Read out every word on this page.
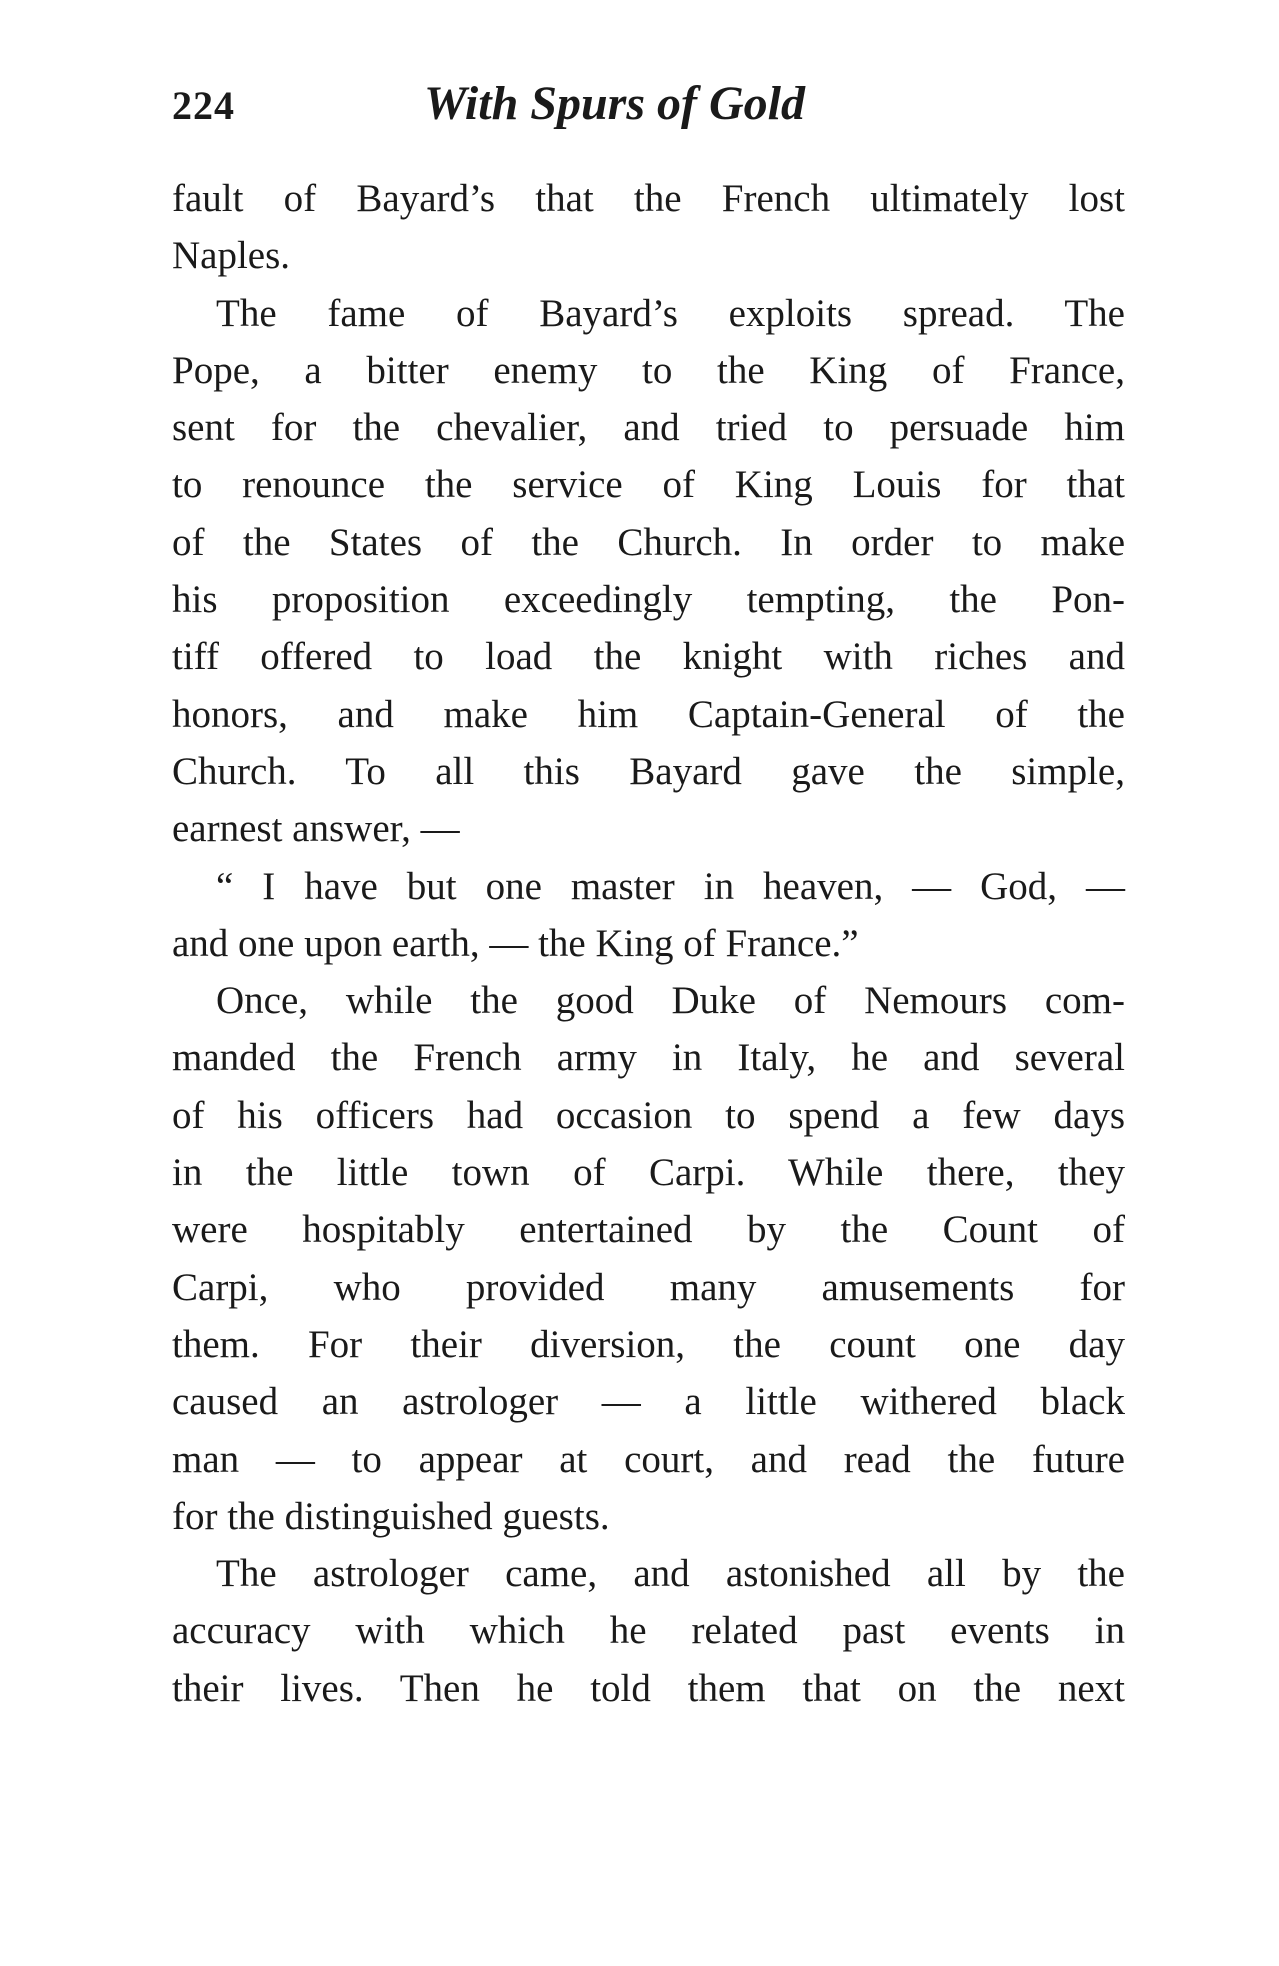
224	With Spurs of Gold
fault of Bayard’s that the French ultimately lost
Naples.
The fame of Bayard’s exploits spread. The
Pope, a bitter enemy to the King of France,
sent for the chevalier, and tried to persuade him
to renounce the service of King Louis for that
of the States of the Church. In order to make
his proposition exceedingly tempting, the Pon-
tiff offered to load the knight with riches and
honors, and make him Captain-General of the
Church. To all this Bayard gave the simple,
earnest answer, —
“ I have but one master in heaven, — God, —
and one upon earth, — the King of France.”
Once, while the good Duke of Nemours com-
manded the French army in Italy, he and several
of his officers had occasion to spend a few days
in the little town of Carpi. While there, they
were hospitably entertained by the Count of
Carpi, who provided many amusements for
them. For their diversion, the count one day
caused an astrologer — a little withered black
man — to appear at court, and read the future
for the distinguished guests.
The astrologer came, and astonished all by the
accuracy with which he related past events in
their lives. Then he told them that on the next
